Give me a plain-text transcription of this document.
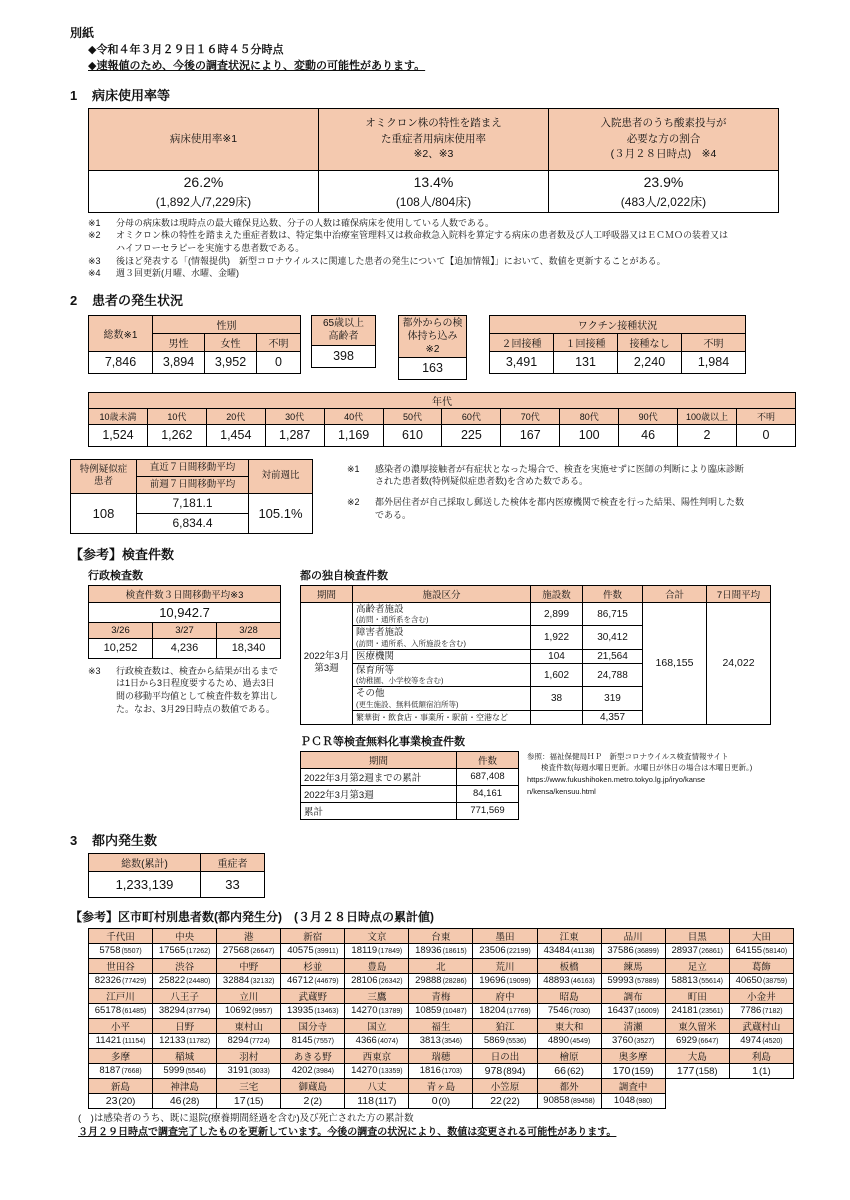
別紙
◆令和４年３月２９日１６時４５分時点
◆速報値のため、今後の調査状況により、変動の可能性があります。
1 病床使用率等
病床使用率※1	オミクロン株の特性を踏まえ
た重症者用病床使用率
※2、※3	入院患者のうち酸素投与が
必要な方の割合
(３月２８日時点)　※4

26.2%
(1,892人/7,229床)

13.4%
(108人/804床)

23.9%
(483人/2,022床)
※1	分母の病床数は現時点の最大確保見込数、分子の人数は確保病床を使用している人数である。
※2	オミクロン株の特性を踏まえた重症者数は、特定集中治療室管理料又は救命救急入院料を算定する病床の患者数及び人工呼吸器又はＥＣＭＯの装着又はハイフローセラピーを実施する患者数である。
※3	後ほど発表する「(情報提供)　新型コロナウイルスに関連した患者の発生について【追加情報】」において、数値を更新することがある。
※4	週３回更新(月曜、水曜、金曜)
2 患者の発生状況
総数※1	性別		
	男性	女性	不明
7,846	3,894	3,952	0
65歳以上
高齢者
398
都外からの検
体持ち込み
※2
163
ワクチン接種状況			
２回接種	１回接種	接種なし	不明
3,491	131	2,240	1,984
年代											
10歳未満	10代	20代	30代	40代	50代	60代	70代	80代	90代	100歳以上	不明
1,524	1,262	1,454	1,287	1,169	610	225	167	100	46	2	0
特例疑似症
患者	直近７日間移動平均	対前週比
	前週７日間移動平均	
108	7,181.1	105.1%
	6,834.4	
※1	感染者の濃厚接触者が有症状となった場合で、検査を実施せずに医師の判断により臨床診断された患者数(特例疑似症患者数)を含めた数である。
※2	都外居住者が自己採取し郵送した検体を都内医療機関で検査を行った結果、陽性判明した数である。
【参考】検査件数
行政検査数
検査件数３日間移動平均※3		
10,942.7		
3/26	3/27	3/28
10,252	4,236	18,340
※3	行政検査数は、検査から結果が出るまでは1日から3日程度要するため、過去3日間の移動平均値として検査件数を算出した。なお、3月29日時点の数値である。
都の独自検査件数
期間	施設区分	施設数	件数	合計	7日間平均
2022年3月第3週	高齢者施設
(訪問・通所系を含む)	2,899	86,715	168,155	24,022
	障害者施設
(訪問・通所系、入所施設を含む)	1,922	30,412		
	医療機関	104	21,564		
	保育所等
(幼稚園、小学校等を含む)	1,602	24,788		
	その他
(更生施設、無料低額宿泊所等)	38	319		
	繁華街・飲食店・事業所・駅前・空港など		4,357		
ＰＣＲ等検査無料化事業検査件数
期間	件数
2022年3月第2週までの累計	687,408
2022年3月第3週	84,161
累計	771,569
参照：福祉保健局ＨＰ　新型コロナウイルス検査情報サイト
検査件数(毎週水曜日更新。水曜日が休日の場合は木曜日更新。)
https://www.fukushihoken.metro.tokyo.lg.jp/iryo/kanse
n/kensa/kensuu.html
3 都内発生数
総数(累計)	重症者
1,233,139	33
【参考】区市町村別患者数(都内発生分)　(３月２８日時点の累計値)
千代田	中央	港	新宿	文京	台東	墨田	江東	品川	目黒	大田
5758(5507)	17565(17262)	27568(26647)	40575(39911)	18119(17849)	18936(18615)	23506(22199)	43484(41138)	37586(36899)	28937(26861)	64155(58140)
世田谷	渋谷	中野	杉並	豊島	北	荒川	板橋	練馬	足立	葛飾
82326(77429)	25822(24480)	32884(32132)	46712(44679)	28106(26342)	29888(28286)	19696(19099)	48893(46163)	59993(57889)	58813(55614)	40650(38759)
江戸川	八王子	立川	武蔵野	三鷹	青梅	府中	昭島	調布	町田	小金井
65178(61485)	38294(37794)	10692(9957)	13935(13463)	14270(13789)	10859(10487)	18204(17769)	7546(7030)	16437(16009)	24181(23561)	7786(7182)
小平	日野	東村山	国分寺	国立	福生	狛江	東大和	清瀬	東久留米	武蔵村山
11421(11154)	12133(11782)	8294(7724)	8145(7557)	4366(4074)	3813(3546)	5869(5536)	4890(4549)	3760(3527)	6929(6647)	4974(4520)
多摩	稲城	羽村	あきる野	西東京	瑞穂	日の出	檜原	奥多摩	大島	利島
8187(7668)	5999(5546)	3191(3033)	4202(3984)	14270(13359)	1816(1703)	978(894)	66(62)	170(159)	177(158)	1(1)
新島	神津島	三宅	御蔵島	八丈	青ヶ島	小笠原	都外	調査中		
23(20)	46(28)	17(15)	2(2)	118(117)	0(0)	22(22)	90858(89458)	1048(980)		
(　)は感染者のうち、既に退院(療養期間経過を含む)及び死亡された方の累計数
３月２９日時点で調査完了したものを更新しています。今後の調査の状況により、数値は変更される可能性があります。
